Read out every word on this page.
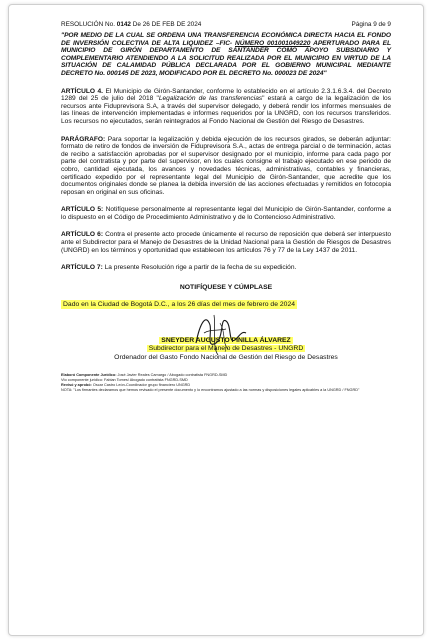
RESOLUCIÓN No. 0142 De 26 DE FEB DE 2024	Página 9 de 9
"POR MEDIO DE LA CUAL SE ORDENA UNA TRANSFERENCIA ECONÓMICA DIRECTA HACIA EL FONDO DE INVERSIÓN COLECTIVA DE ALTA LIQUIDEZ –FIC- NÚMERO 001001049220 APERTURADO PARA EL MUNICIPIO DE GIRÓN DEPARTAMENTO DE SANTANDER COMO APOYO SUBSIDIARIO Y COMPLEMENTARIO ATENDIENDO A LA SOLICITUD REALIZADA POR EL MUNICIPIO EN VIRTUD DE LA SITUACIÓN DE CALAMIDAD PÚBLICA DECLARADA POR EL GOBIERNO MUNICIPAL MEDIANTE DECRETO No. 000145 DE 2023, MODIFICADO POR EL DECRETO No. 000023 DE 2024"
ARTÍCULO 4. El Municipio de Girón-Santander, conforme lo establecido en el artículo 2.3.1.6.3.4. del Decreto 1289 del 25 de julio del 2018 "Legalización de las transferencias" estará a cargo de la legalización de los recursos ante Fiduprevisora S.A, a través del supervisor delegado, y deberá rendir los informes mensuales de las líneas de intervención implementadas e informes requeridos por la UNGRD, con los recursos transferidos. Los recursos no ejecutados, serán reintegrados al Fondo Nacional de Gestión del Riesgo de Desastres.
PARÁGRAFO: Para soportar la legalización y debida ejecución de los recursos girados, se deberán adjuntar: formato de retiro de fondos de inversión de Fiduprevisora S.A., actas de entrega parcial o de terminación, actas de recibo a satisfacción aprobadas por el supervisor designado por el municipio, informe para cada pago por parte del contratista y por parte del supervisor, en los cuales consigne el trabajo ejecutado en ese periodo de cobro, cantidad ejecutada, los avances y novedades técnicas, administrativas, contables y financieras, certificado expedido por el representante legal del Municipio de Girón-Santander, que acredite que los documentos originales donde se planea la debida inversión de las acciones efectuadas y remitidos en fotocopia reposan en original en sus oficinas.
ARTÍCULO 5: Notifíquese personalmente al representante legal del Municipio de Girón-Santander, conforme a lo dispuesto en el Código de Procedimiento Administrativo y de lo Contencioso Administrativo.
ARTÍCULO 6: Contra el presente acto procede únicamente el recurso de reposición que deberá ser interpuesto ante el Subdirector para el Manejo de Desastres de la Unidad Nacional para la Gestión de Riesgos de Desastres (UNGRD) en los términos y oportunidad que establecen los artículos 76 y 77 de la Ley 1437 de 2011.
ARTÍCULO 7: La presente Resolución rige a partir de la fecha de su expedición.
NOTIFÍQUESE Y CÚMPLASE
Dado en la Ciudad de Bogotá D.C., a los 26 días del mes de febrero de 2024
SNEYDER AUGUSTO PINILLA ÁLVAREZ
Subdirector para el Manejo de Desastres - UNGRD
Ordenador del Gasto Fondo Nacional de Gestión del Riesgo de Desastres
Elaboró Componente Jurídico: José Javier Reales Camargo / Abogado contratista FNGRD-SMD
Vto componente jurídico: Fabian Tomes/ Abogado contratista FNGRD-SMD
Revisó y aprobó: Oscar Castro León-Coordinador grupo financiero UNGRD
NOTA: "Los firmantes declaramos que hemos revisado el presente documento y lo encontramos ajustado a las normas y disposiciones legales aplicables a la UNGRD / FNGRD"
